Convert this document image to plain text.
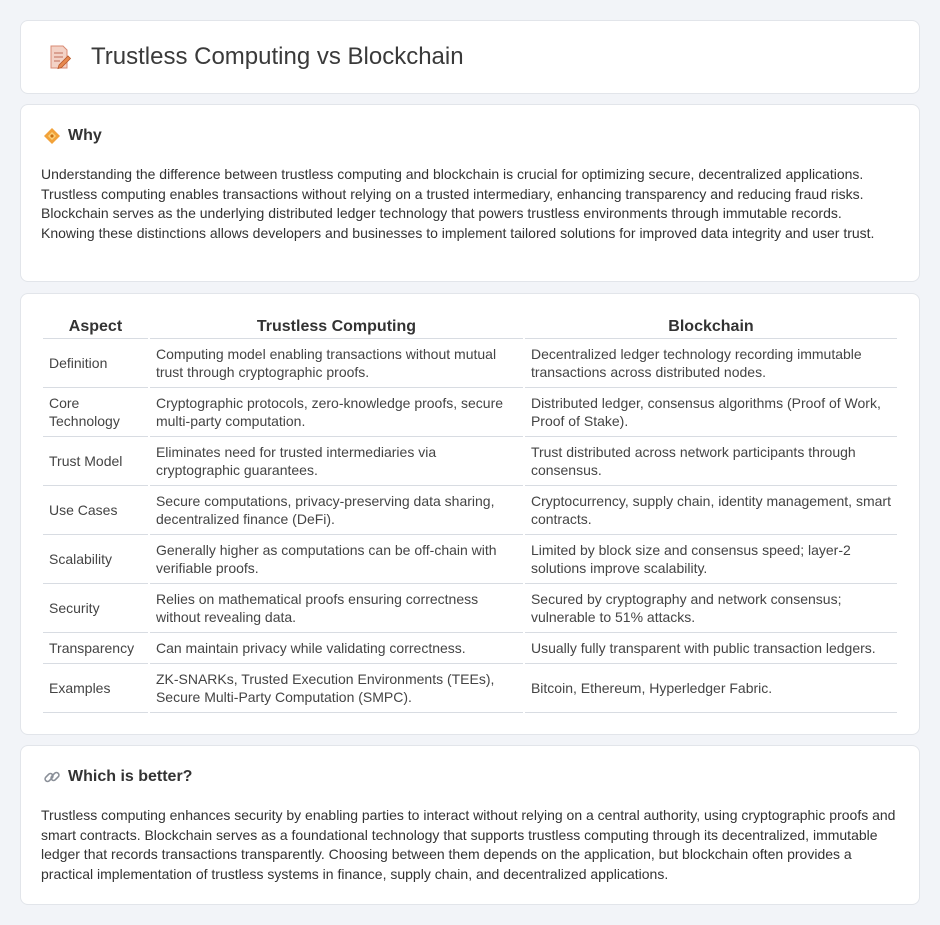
Trustless Computing vs Blockchain
Why

Understanding the difference between trustless computing and blockchain is crucial for optimizing secure, decentralized applications. Trustless computing enables transactions without relying on a trusted intermediary, enhancing transparency and reducing fraud risks. Blockchain serves as the underlying distributed ledger technology that powers trustless environments through immutable records. Knowing these distinctions allows developers and businesses to implement tailored solutions for improved data integrity and user trust.

Aspect	Trustless Computing	Blockchain
Definition	Computing model enabling transactions without mutual trust through cryptographic proofs.	Decentralized ledger technology recording immutable transactions across distributed nodes.
Core Technology	Cryptographic protocols, zero-knowledge proofs, secure multi-party computation.	Distributed ledger, consensus algorithms (Proof of Work, Proof of Stake).
Trust Model	Eliminates need for trusted intermediaries via cryptographic guarantees.	Trust distributed across network participants through consensus.
Use Cases	Secure computations, privacy-preserving data sharing, decentralized finance (DeFi).	Cryptocurrency, supply chain, identity management, smart contracts.
Scalability	Generally higher as computations can be off-chain with verifiable proofs.	Limited by block size and consensus speed; layer-2 solutions improve scalability.
Security	Relies on mathematical proofs ensuring correctness without revealing data.	Secured by cryptography and network consensus; vulnerable to 51% attacks.
Transparency	Can maintain privacy while validating correctness.	Usually fully transparent with public transaction ledgers.
Examples	ZK-SNARKs, Trusted Execution Environments (TEEs), Secure Multi-Party Computation (SMPC).	Bitcoin, Ethereum, Hyperledger Fabric.
Which is better?

Trustless computing enhances security by enabling parties to interact without relying on a central authority, using cryptographic proofs and smart contracts. Blockchain serves as a foundational technology that supports trustless computing through its decentralized, immutable ledger that records transactions transparently. Choosing between them depends on the application, but blockchain often provides a practical implementation of trustless systems in finance, supply chain, and decentralized applications.
